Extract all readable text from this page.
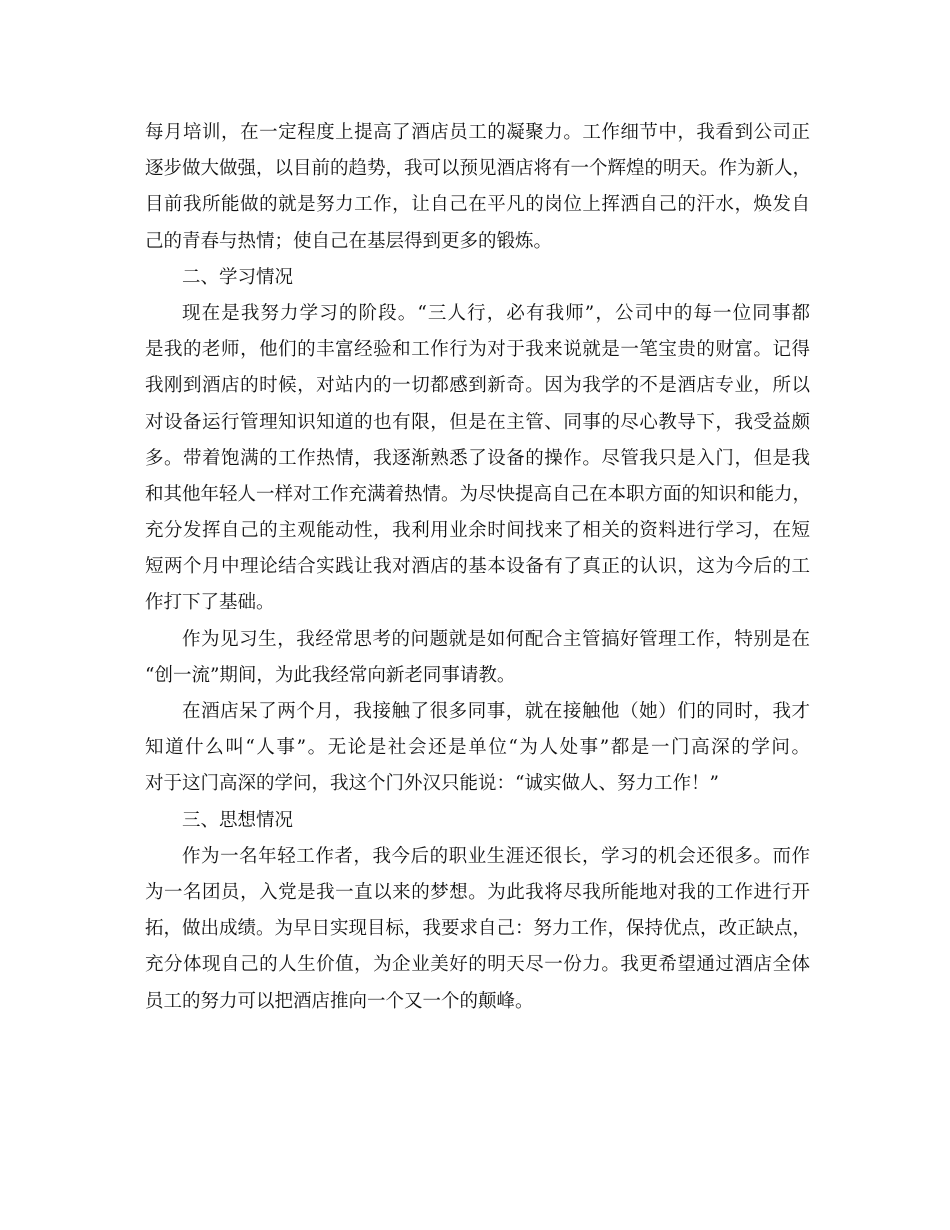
每月培训，在一定程度上提高了酒店员工的凝聚力。工作细节中，我看到公司正
逐步做大做强，以目前的趋势，我可以预见酒店将有一个辉煌的明天。作为新人，
目前我所能做的就是努力工作，让自己在平凡的岗位上挥洒自己的汗水，焕发自
己的青春与热情；使自己在基层得到更多的锻炼。
二、学习情况
现在是我努力学习的阶段。“三人行，必有我师”，公司中的每一位同事都
是我的老师，他们的丰富经验和工作行为对于我来说就是一笔宝贵的财富。记得
我刚到酒店的时候，对站内的一切都感到新奇。因为我学的不是酒店专业，所以
对设备运行管理知识知道的也有限，但是在主管、同事的尽心教导下，我受益颇
多。带着饱满的工作热情，我逐渐熟悉了设备的操作。尽管我只是入门，但是我
和其他年轻人一样对工作充满着热情。为尽快提高自己在本职方面的知识和能力，
充分发挥自己的主观能动性，我利用业余时间找来了相关的资料进行学习，在短
短两个月中理论结合实践让我对酒店的基本设备有了真正的认识，这为今后的工
作打下了基础。
作为见习生，我经常思考的问题就是如何配合主管搞好管理工作，特别是在
“创一流”期间，为此我经常向新老同事请教。
在酒店呆了两个月，我接触了很多同事，就在接触他（她）们的同时，我才
知道什么叫“人事”。无论是社会还是单位“为人处事”都是一门高深的学问。
对于这门高深的学问，我这个门外汉只能说：“诚实做人、努力工作！”
三、思想情况
作为一名年轻工作者，我今后的职业生涯还很长，学习的机会还很多。而作
为一名团员，入党是我一直以来的梦想。为此我将尽我所能地对我的工作进行开
拓，做出成绩。为早日实现目标，我要求自己：努力工作，保持优点，改正缺点，
充分体现自己的人生价值，为企业美好的明天尽一份力。我更希望通过酒店全体
员工的努力可以把酒店推向一个又一个的颠峰。
